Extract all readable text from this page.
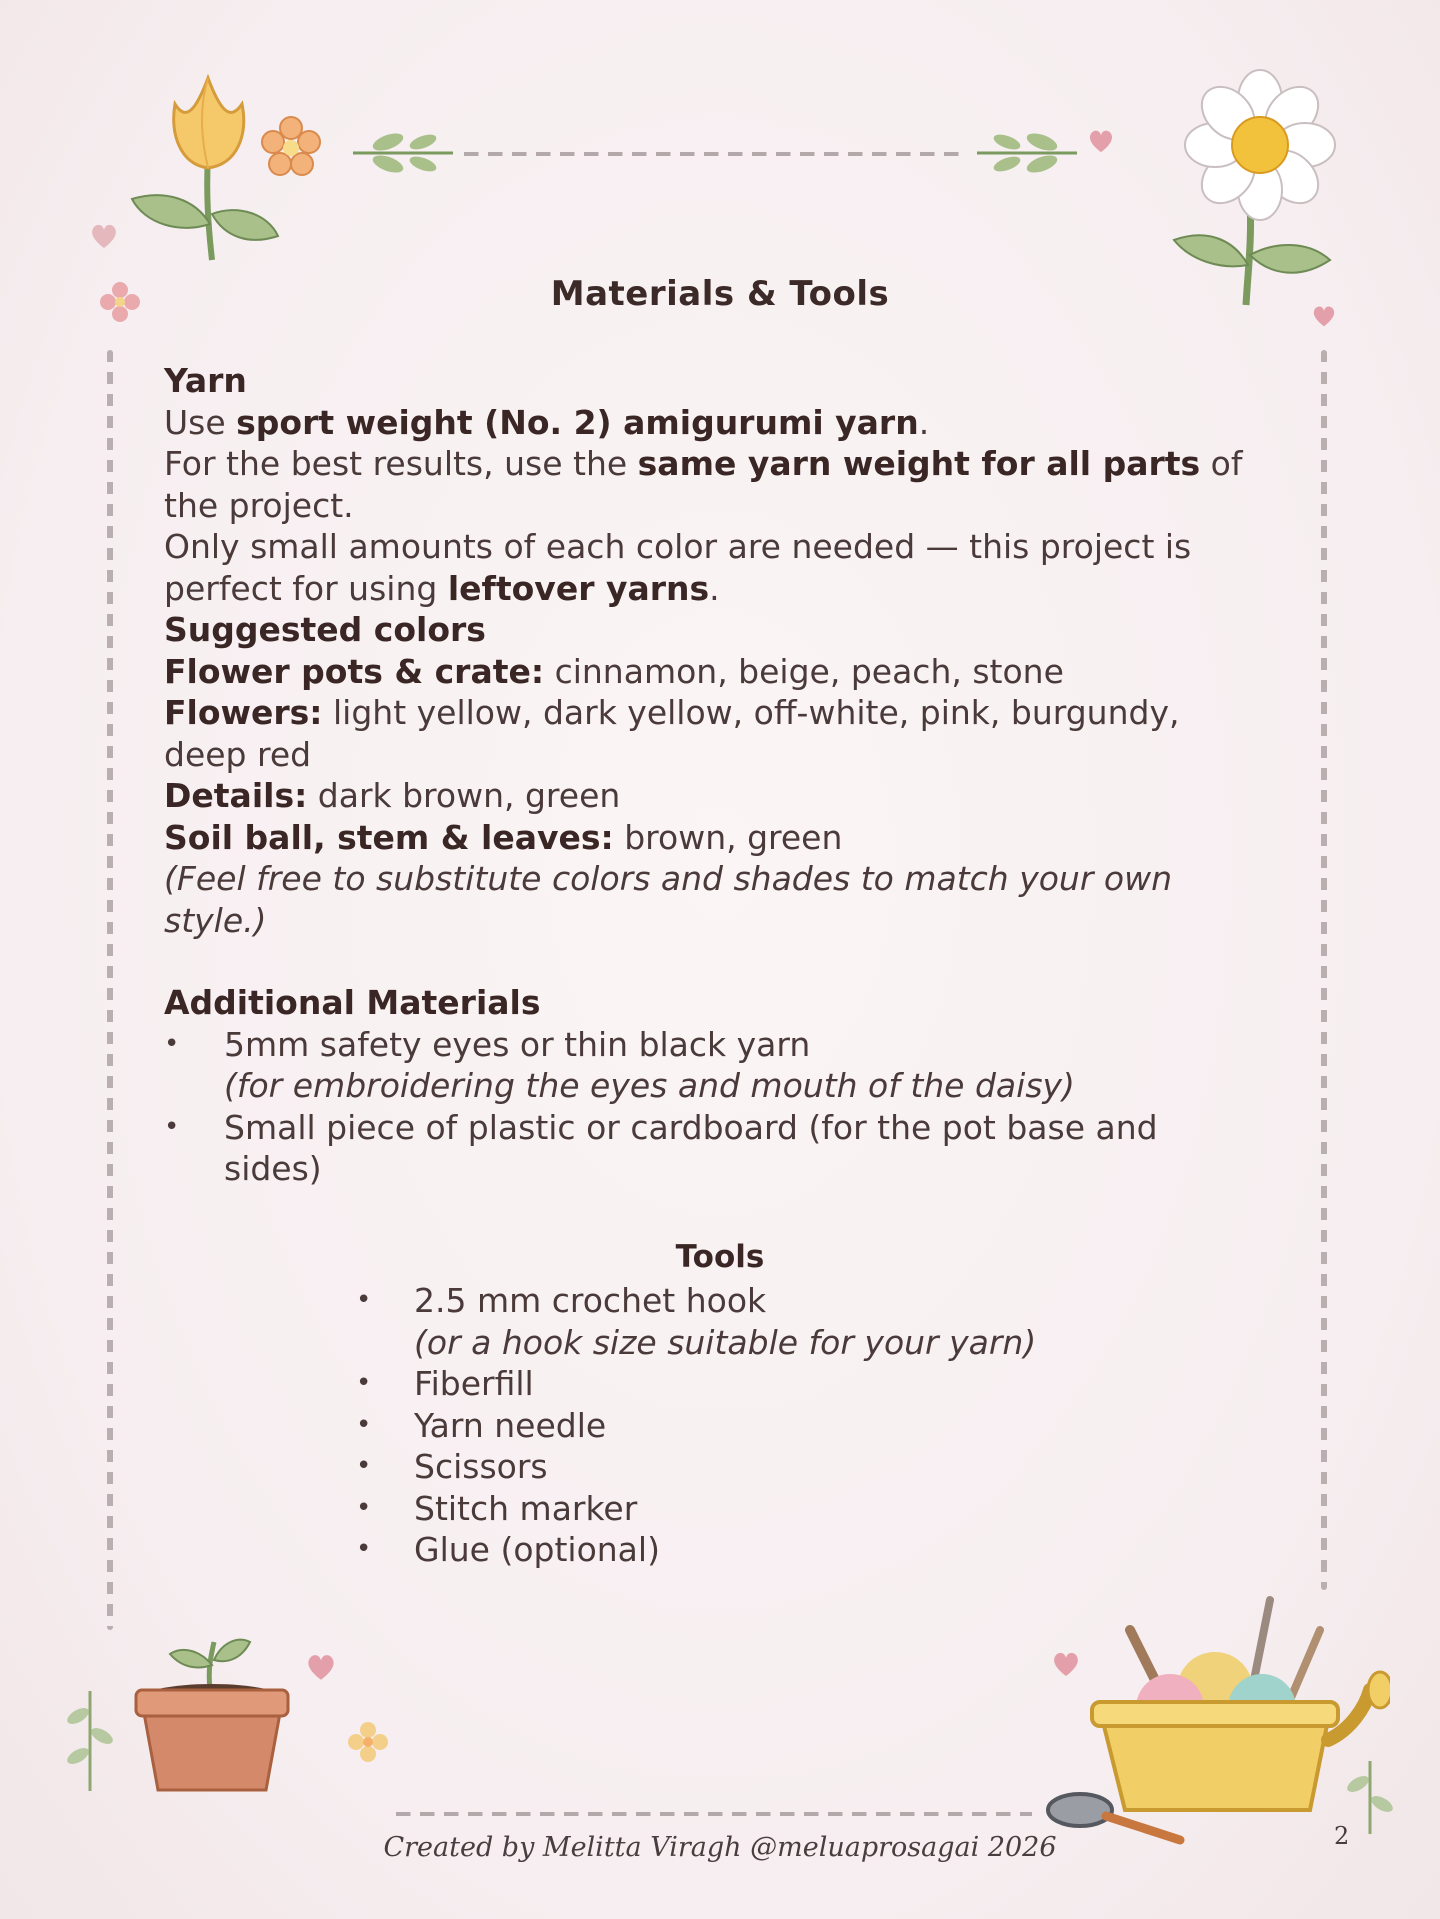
Materials & Tools

Yarn

Use sport weight (No. 2) amigurumi yarn.

For the best results, use the same yarn weight for all parts of the project.

Only small amounts of each color are needed — this project is perfect for using leftover yarns.

Suggested colors

Flower pots & crate: cinnamon, beige, peach, stone

Flowers: light yellow, dark yellow, off-white, pink, burgundy, deep red

Details: dark brown, green

Soil ball, stem & leaves: brown, green

(Feel free to substitute colors and shades to match your own style.)

Additional Materials

• 5mm safety eyes or thin black yarn
(for embroidering the eyes and mouth of the daisy)
• Small piece of plastic or cardboard (for the pot base and sides)
Tools
• 2.5 mm crochet hook
(or a hook size suitable for your yarn)
• Fiberfill
• Yarn needle
• Scissors
• Stitch marker
• Glue (optional)
Created by Melitta Viragh @meluaprosagai 2026	2
